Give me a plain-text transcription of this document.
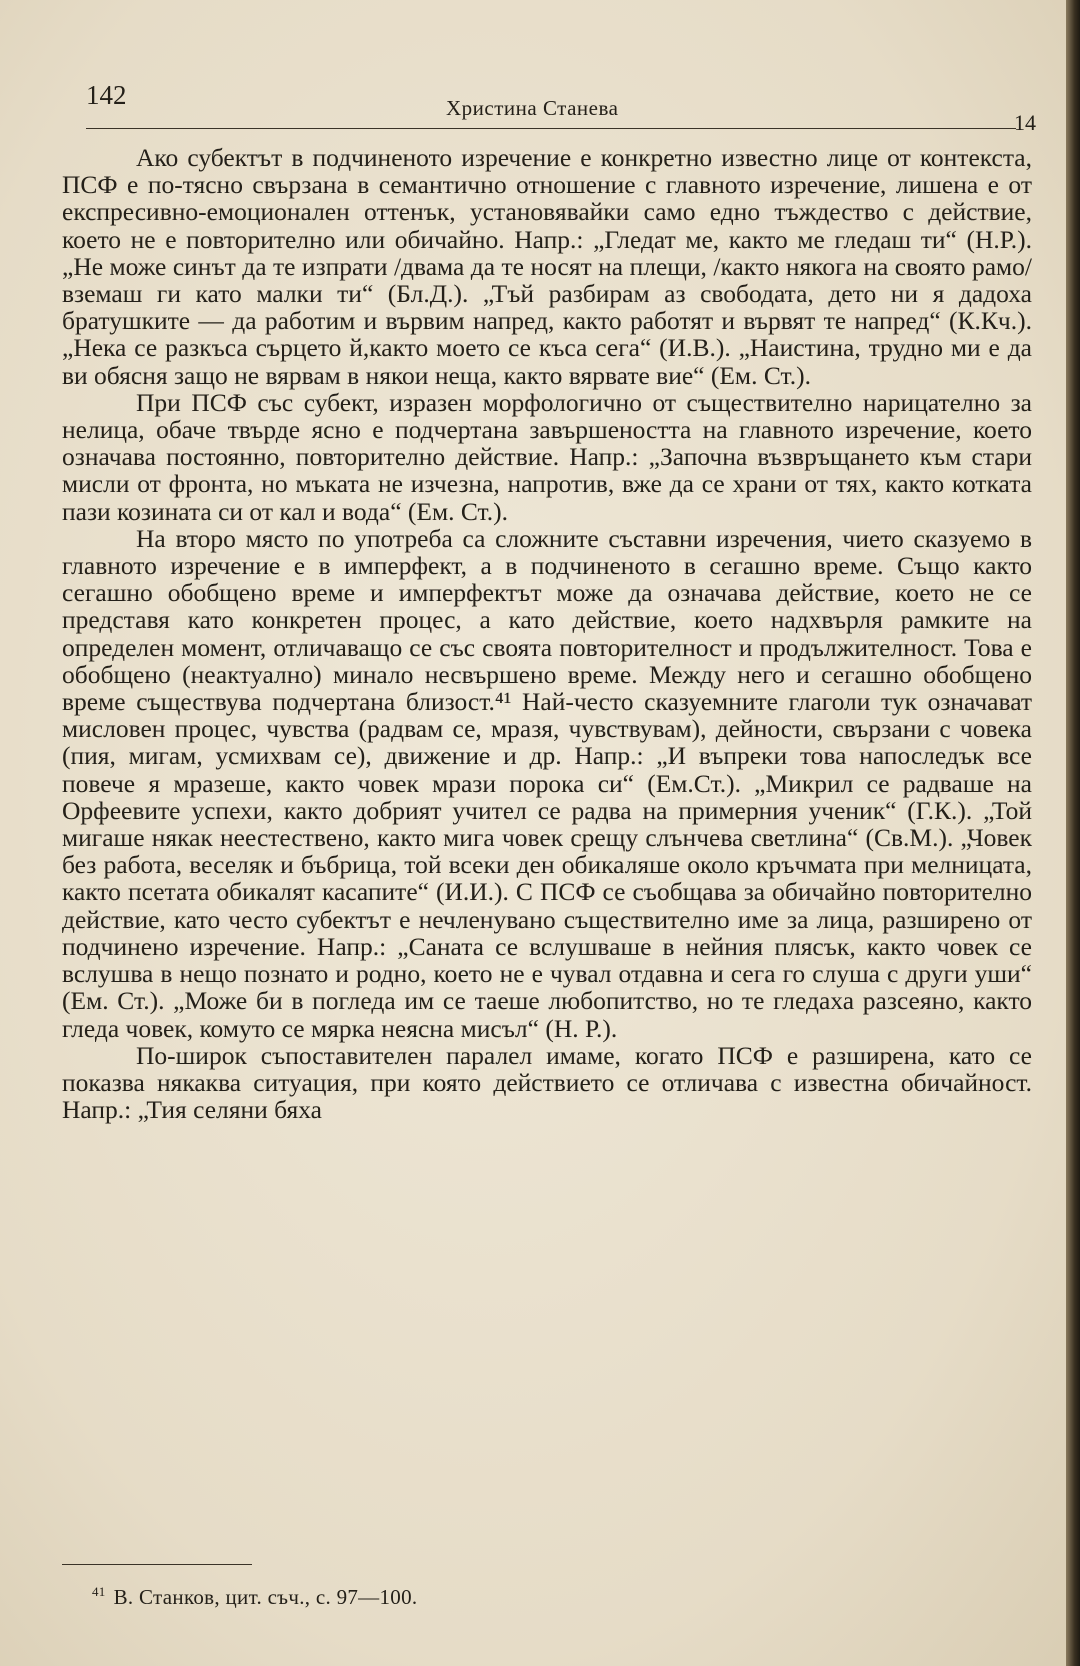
142	Христина Станева
14

Ако субектът в подчиненото изречение е конкретно известно лице от контекста, ПСФ е по-тясно свързана в семантично отношение с главното изречение, лишена е от експресивно-емоционален оттенък, установявайки само едно тъждество с действие, което не е повторително или обичайно. Напр.: „Гледат ме, както ме гледаш ти“ (Н.Р.). „Не може синът да те изпрати /двама да те носят на плещи, /както някога на своято рамо/ вземаш ги като малки ти“ (Бл.Д.). „Тъй разбирам аз свободата, дето ни я дадоха братушките — да работим и вървим напред, както работят и вървят те напред“ (К.Кч.). „Нека се разкъса сърцето й,както моето се къса сега“ (И.В.). „Наистина, трудно ми е да ви обясня защо не вярвам в някои неща, както вярвате вие“ (Ем. Ст.).

При ПСФ със субект, изразен морфологично от съществително нарицателно за нелица, обаче твърде ясно е подчертана завършеността на главното изречение, което означава постоянно, повторително действие. Напр.: „Започна възвръщането към стари мисли от фронта, но мъката не изчезна, напротив, вже да се храни от тях, както котката пази козината си от кал и вода“ (Ем. Ст.).

На второ място по употреба са сложните съставни изречения, чието сказуемо в главното изречение е в имперфект, а в подчиненото в сегашно време. Също както сегашно обобщено време и имперфектът може да означава действие, което не се представя като конкретен процес, а като действие, което надхвърля рамките на определен момент, отличаващо се със своята повторителност и продължителност. Това е обобщено (неактуално) минало несвършено време. Между него и сегашно обобщено време съществува подчертана близост.⁴¹ Най-често сказуемните глаголи тук означават мисловен процес, чувства (радвам се, мразя, чувствувам), дейности, свързани с човека (пия, мигам, усмихвам се), движение и др. Напр.: „И въпреки това напоследък все повече я мразеше, както човек мрази порока си“ (Ем.Ст.). „Микрил се радваше на Орфеевите успехи, както добрият учител се радва на примерния ученик“ (Г.К.). „Той мигаше някак неестествено, както мига човек срещу слънчева светлина“ (Св.М.). „Човек без работа, веселяк и бъбрица, той всеки ден обикаляше около кръчмата при мелницата, както псетата обикалят касапите“ (И.И.). С ПСФ се съобщава за обичайно повторително действие, като често субектът е нечленувано съществително име за лица, разширено от подчинено изречение. Напр.: „Саната се вслушваше в нейния плясък, както човек се вслушва в нещо познато и родно, което не е чувал отдавна и сега го слуша с други уши“ (Ем. Ст.). „Може би в погледа им се таеше любопитство, но те гледаха разсеяно, както гледа човек, комуто се мярка неясна мисъл“ (Н. Р.).

По-широк съпоставителен паралел имаме, когато ПСФ е разширена, като се показва някаква ситуация, при която действието се отличава с известна обичайност. Напр.: „Тия селяни бяха

$^{41}$ В. Станков, цит. съч., с. 97—100.
